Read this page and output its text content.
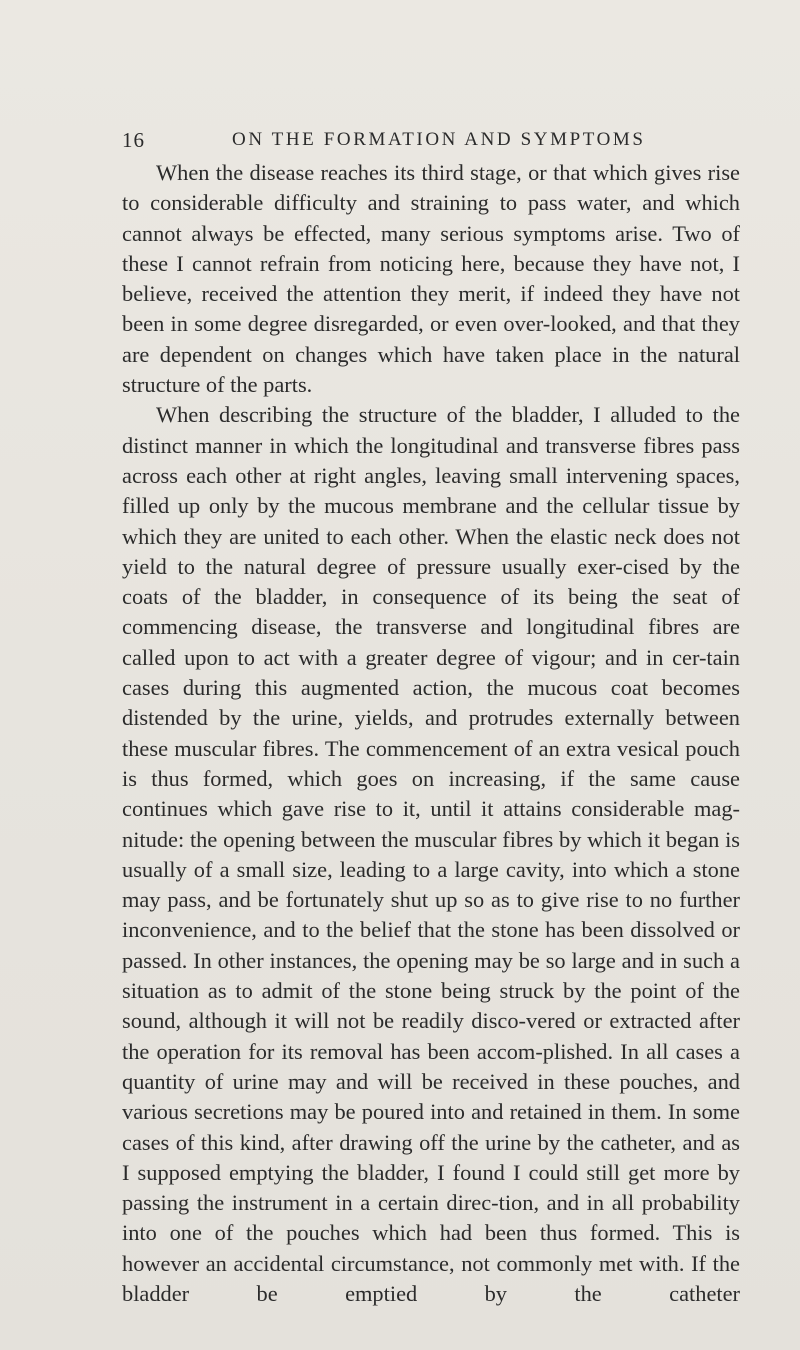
16	ON THE FORMATION AND SYMPTOMS

When the disease reaches its third stage, or that which gives rise to considerable difficulty and straining to pass water, and which cannot always be effected, many serious symptoms arise. Two of these I cannot refrain from noticing here, because they have not, I believe, received the attention they merit, if indeed they have not been in some degree disregarded, or even over-looked, and that they are dependent on changes which have taken place in the natural structure of the parts.

When describing the structure of the bladder, I alluded to the distinct manner in which the longitudinal and transverse fibres pass across each other at right angles, leaving small intervening spaces, filled up only by the mucous membrane and the cellular tissue by which they are united to each other. When the elastic neck does not yield to the natural degree of pressure usually exer-cised by the coats of the bladder, in consequence of its being the seat of commencing disease, the transverse and longitudinal fibres are called upon to act with a greater degree of vigour; and in cer-tain cases during this augmented action, the mucous coat becomes distended by the urine, yields, and protrudes externally between these muscular fibres. The commencement of an extra vesical pouch is thus formed, which goes on increasing, if the same cause continues which gave rise to it, until it attains considerable mag-nitude: the opening between the muscular fibres by which it began is usually of a small size, leading to a large cavity, into which a stone may pass, and be fortunately shut up so as to give rise to no further inconvenience, and to the belief that the stone has been dissolved or passed. In other instances, the opening may be so large and in such a situation as to admit of the stone being struck by the point of the sound, although it will not be readily disco-vered or extracted after the operation for its removal has been accom-plished. In all cases a quantity of urine may and will be received in these pouches, and various secretions may be poured into and retained in them. In some cases of this kind, after drawing off the urine by the catheter, and as I supposed emptying the bladder, I found I could still get more by passing the instrument in a certain direc-tion, and in all probability into one of the pouches which had been thus formed. This is however an accidental circumstance, not commonly met with. If the bladder be emptied by the catheter
